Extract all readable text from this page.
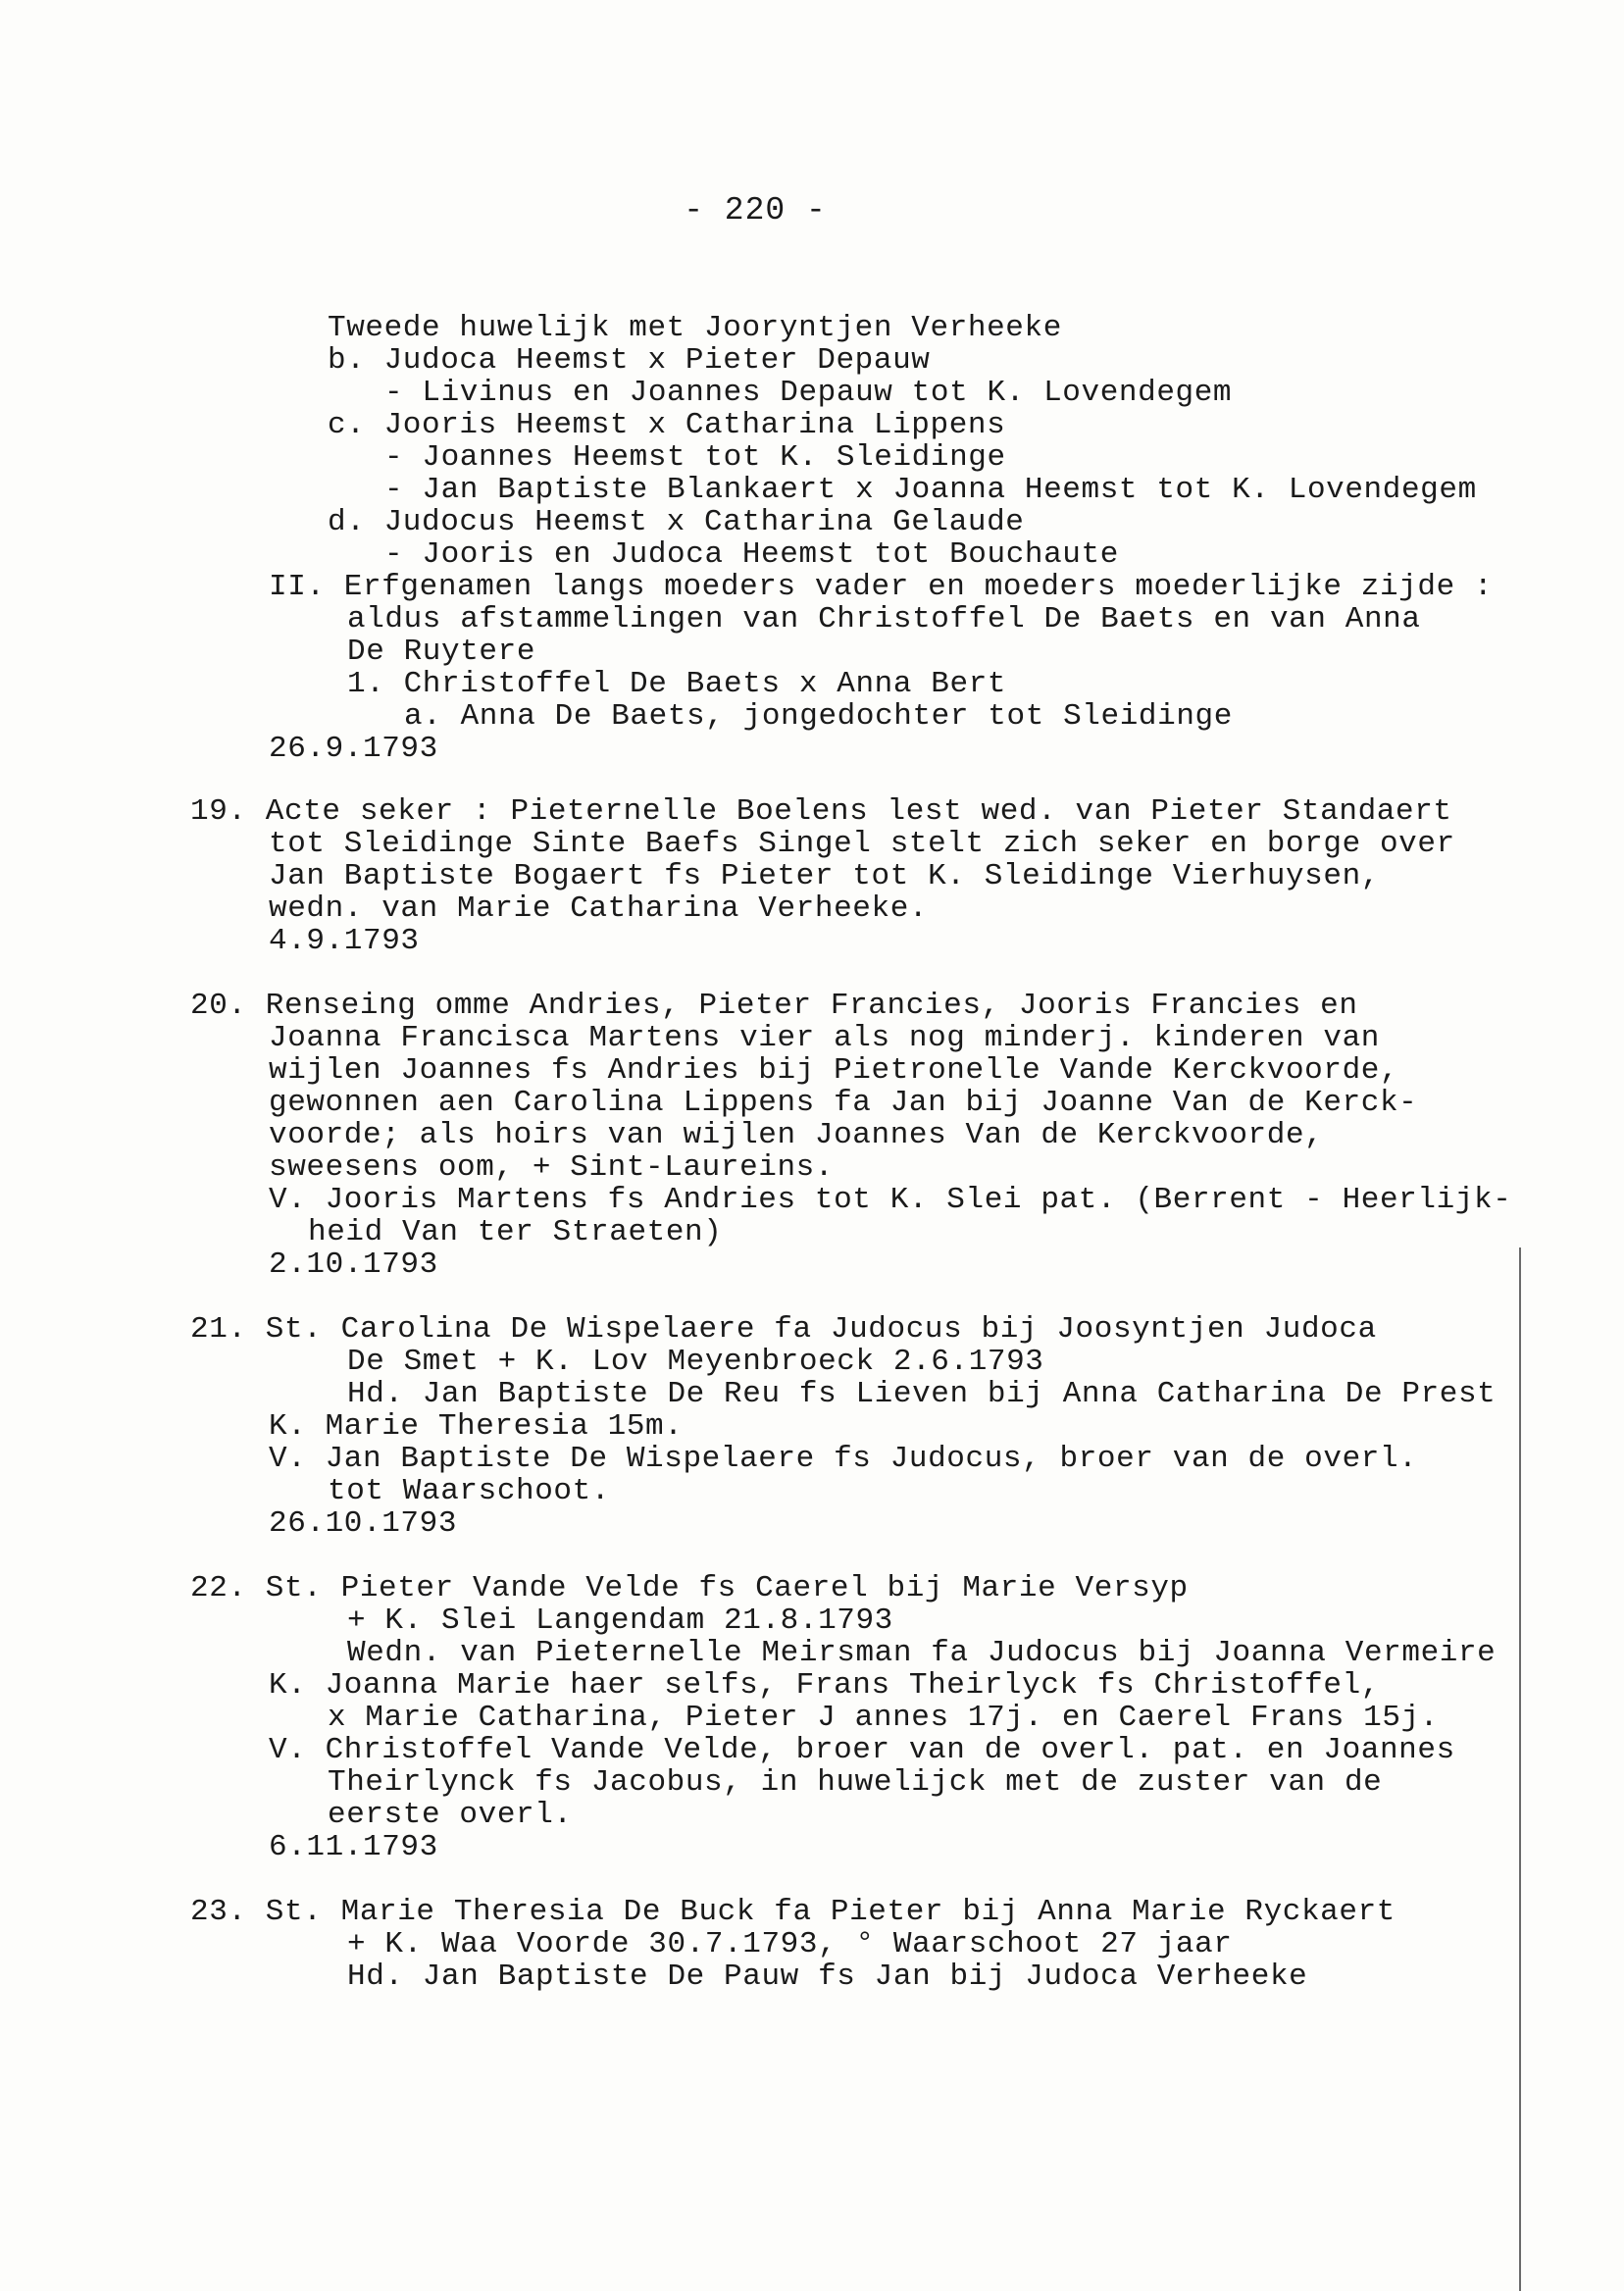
- 220 -
Tweede huwelijk met Jooryntjen Verheeke
b. Judoca Heemst x Pieter Depauw
- Livinus en Joannes Depauw tot K. Lovendegem
c. Jooris Heemst x Catharina Lippens
- Joannes Heemst tot K. Sleidinge
- Jan Baptiste Blankaert x Joanna Heemst tot K. Lovendegem
d. Judocus Heemst x Catharina Gelaude
- Jooris en Judoca Heemst tot Bouchaute
II. Erfgenamen langs moeders vader en moeders moederlijke zijde :
aldus afstammelingen van Christoffel De Baets en van Anna
De Ruytere
1. Christoffel De Baets x Anna Bert
a. Anna De Baets, jongedochter tot Sleidinge
26.9.1793
19. Acte seker : Pieternelle Boelens lest wed. van Pieter Standaert
tot Sleidinge Sinte Baefs Singel stelt zich seker en borge over
Jan Baptiste Bogaert fs Pieter tot K. Sleidinge Vierhuysen,
wedn. van Marie Catharina Verheeke.
4.9.1793
20. Renseing omme Andries, Pieter Francies, Jooris Francies en
Joanna Francisca Martens vier als nog minderj. kinderen van
wijlen Joannes fs Andries bij Pietronelle Vande Kerckvoorde,
gewonnen aen Carolina Lippens fa Jan bij Joanne Van de Kerck-
voorde; als hoirs van wijlen Joannes Van de Kerckvoorde,
sweesens oom, + Sint-Laureins.
V. Jooris Martens fs Andries tot K. Slei pat. (Berrent - Heerlijk-
heid Van ter Straeten)
2.10.1793
21. St. Carolina De Wispelaere fa Judocus bij Joosyntjen Judoca
De Smet + K. Lov Meyenbroeck 2.6.1793
Hd. Jan Baptiste De Reu fs Lieven bij Anna Catharina De Prest
K. Marie Theresia 15m.
V. Jan Baptiste De Wispelaere fs Judocus, broer van de overl.
tot Waarschoot.
26.10.1793
22. St. Pieter Vande Velde fs Caerel bij Marie Versyp
+ K. Slei Langendam 21.8.1793
Wedn. van Pieternelle Meirsman fa Judocus bij Joanna Vermeire
K. Joanna Marie haer selfs, Frans Theirlyck fs Christoffel,
x Marie Catharina, Pieter J annes 17j. en Caerel Frans 15j.
V. Christoffel Vande Velde, broer van de overl. pat. en Joannes
Theirlynck fs Jacobus, in huwelijck met de zuster van de
eerste overl.
6.11.1793
23. St. Marie Theresia De Buck fa Pieter bij Anna Marie Ryckaert
+ K. Waa Voorde 30.7.1793, ° Waarschoot 27 jaar
Hd. Jan Baptiste De Pauw fs Jan bij Judoca Verheeke
